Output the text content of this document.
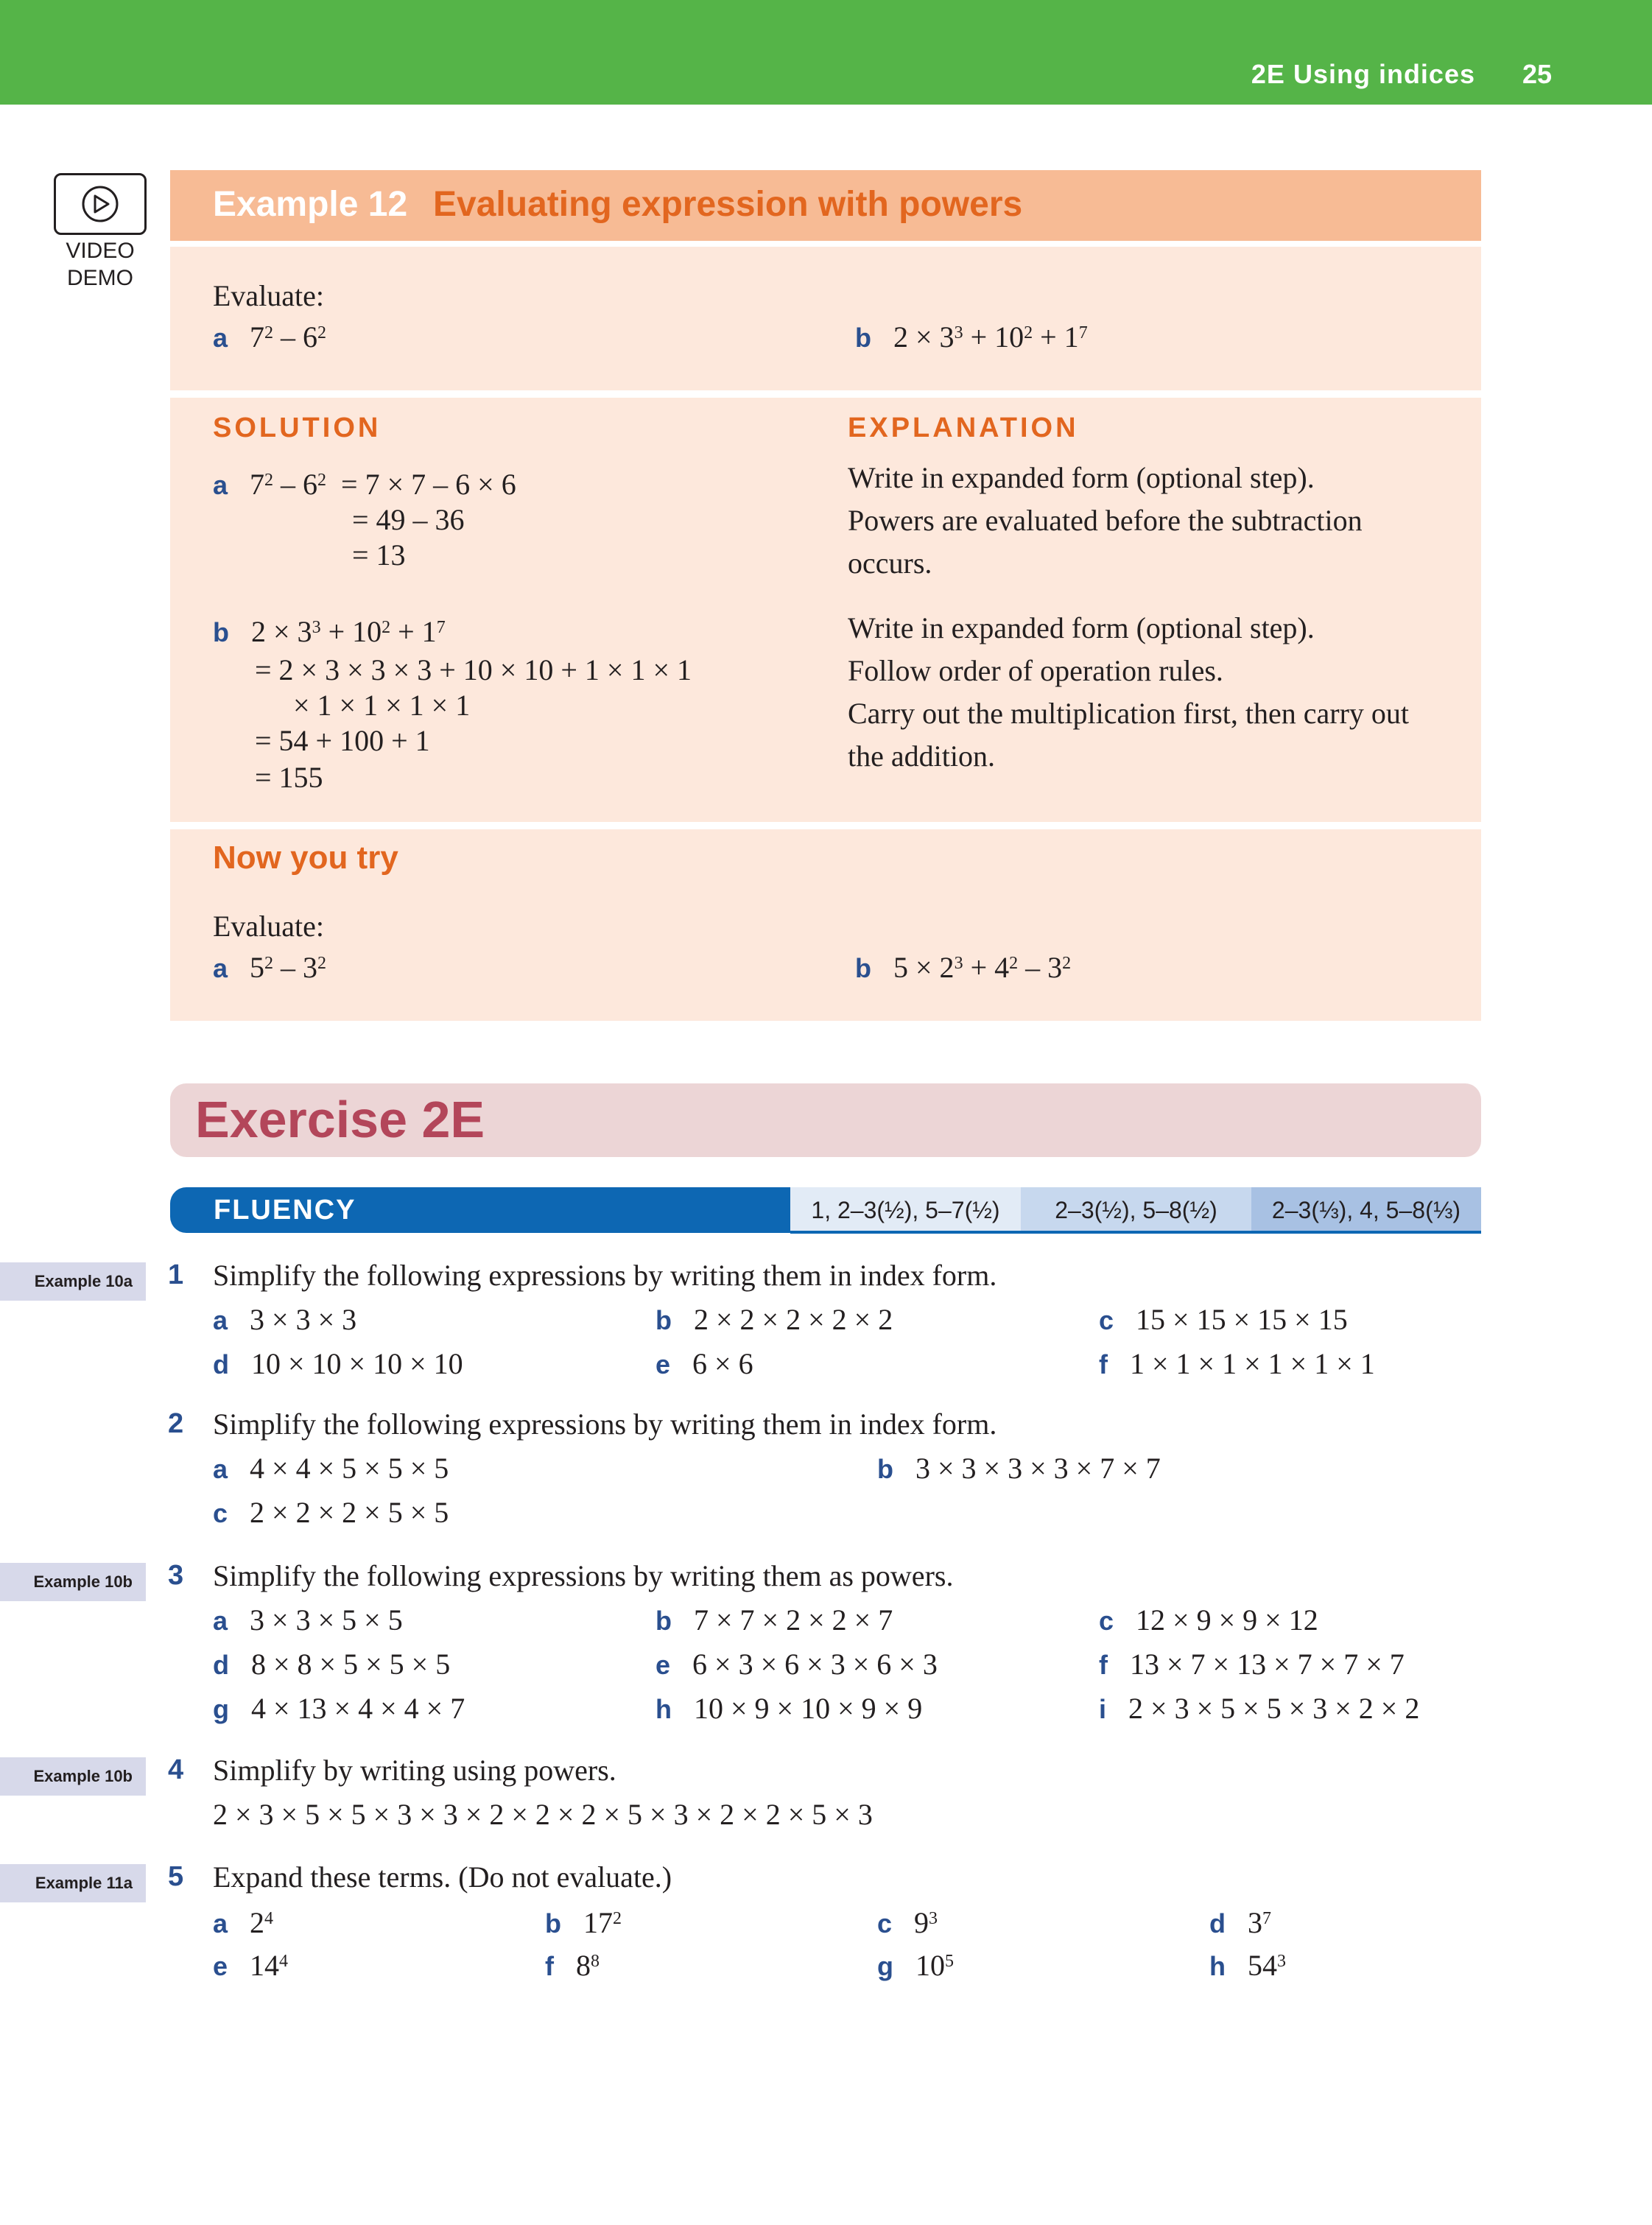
2E Using indices 25
VIDEO
DEMO
Example 12 Evaluating expression with powers
Evaluate:
a   $7^2 - 6^2$	b   $2 \times 3^3 + 10^2 + 1^7$
SOLUTION	EXPLANATION
a   $7^2 - 6^2 = 7 \times 7 - 6 \times 6$
= 49 – 36
= 13
Write in expanded form (optional step).
Powers are evaluated before the subtraction
occurs.
b   $2 \times 3^3 + 10^2 + 1^7$
= 2 × 3 × 3 × 3 + 10 × 10 + 1 × 1 × 1
× 1 × 1 × 1 × 1
= 54 + 100 + 1
= 155
Write in expanded form (optional step).
Follow order of operation rules.
Carry out the multiplication first, then carry out
the addition.
Now you try
Evaluate:
a   $5^2 - 3^2$	b   $5 \times 2^3 + 4^2 - 3^2$
Exercise 2E
FLUENCY	1, 2–3(½), 5–7(½)	2–3(½), 5–8(½)	2–3(⅓), 4, 5–8(⅓)
Example 10a	1 Simplify the following expressions by writing them in index form.
a 3 × 3 × 3	b 2 × 2 × 2 × 2 × 2	c 15 × 15 × 15 × 15
d 10 × 10 × 10 × 10	e 6 × 6	f 1 × 1 × 1 × 1 × 1 × 1
2 Simplify the following expressions by writing them in index form.
a 4 × 4 × 5 × 5 × 5	b 3 × 3 × 3 × 3 × 7 × 7
c 2 × 2 × 2 × 5 × 5
Example 10b	3 Simplify the following expressions by writing them as powers.
a 3 × 3 × 5 × 5	b 7 × 7 × 2 × 2 × 7	c 12 × 9 × 9 × 12
d 8 × 8 × 5 × 5 × 5	e 6 × 3 × 6 × 3 × 6 × 3	f 13 × 7 × 13 × 7 × 7 × 7
g 4 × 13 × 4 × 4 × 7	h 10 × 9 × 10 × 9 × 9	i 2 × 3 × 5 × 5 × 3 × 2 × 2
Example 10b	4 Simplify by writing using powers.
2 × 3 × 5 × 5 × 3 × 3 × 2 × 2 × 2 × 5 × 3 × 2 × 2 × 5 × 3
Example 11a	5 Expand these terms. (Do not evaluate.)
a   $2^4$	b   $17^2$	c   $9^3$	d   $3^7$
e   $14^4$	f   $8^8$	g   $10^5$	h   $54^3$
